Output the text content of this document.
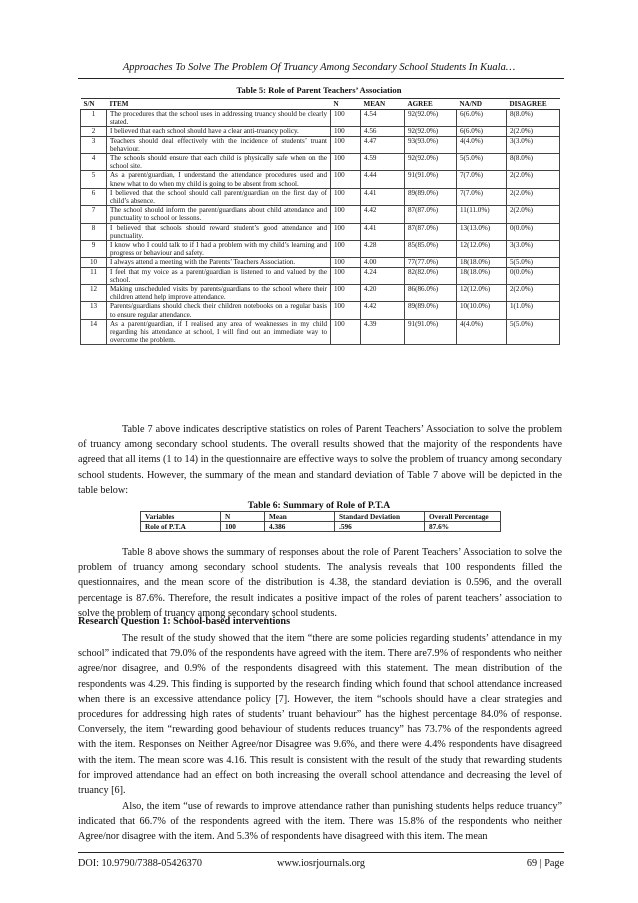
Approaches To Solve The Problem Of Truancy Among Secondary School Students In Kuala…
Table 5: Role of Parent Teachers’ Association
S/N	ITEM	N	MEAN	AGREE	NA/ND	DISAGREE
1	The procedures that the school uses in addressing truancy should be clearly stated.	100	4.54	92(92.0%)	6(6.0%)	8(8.0%)
2	I believed that each school should have a clear anti-truancy policy.	100	4.56	92(92.0%)	6(6.0%)	2(2.0%)
3	Teachers should deal effectively with the incidence of students’ truant behaviour.	100	4.47	93(93.0%)	4(4.0%)	3(3.0%)
4	The schools should ensure that each child is physically safe when on the school site.	100	4.59	92(92.0%)	5(5.0%)	8(8.0%)
5	As a parent/guardian, I understand the attendance procedures used and knew what to do when my child is going to be absent from school.	100	4.44	91(91.0%)	7(7.0%)	2(2.0%)
6	I believed that the school should call parent/guardian on the first day of child’s absence.	100	4.41	89(89.0%)	7(7.0%)	2(2.0%)
7	The school should inform the parent/guardians about child attendance and punctuality to school or lessons.	100	4.42	87(87.0%)	11(11.0%)	2(2.0%)
8	I believed that schools should reward student’s good attendance and punctuality.	100	4.41	87(87.0%)	13(13.0%)	0(0.0%)
9	I know who I could talk to if I had a problem with my child’s learning and progress or behaviour and safety.	100	4.28	85(85.0%)	12(12.0%)	3(3.0%)
10	I always attend a meeting with the Parents’ Teachers Association.	100	4.00	77(77.0%)	18(18.0%)	5(5.0%)
11	I feel that my voice as a parent/guardian is listened to and valued by the school.	100	4.24	82(82.0%)	18(18.0%)	0(0.0%)
12	Making unscheduled visits by parents/guardians to the school where their children attend help improve attendance.	100	4.20	86(86.0%)	12(12.0%)	2(2.0%)
13	Parents/guardians should check their children notebooks on a regular basis to ensure regular attendance.	100	4.42	89(89.0%)	10(10.0%)	1(1.0%)
14	As a parent/guardian, if I realised any area of weaknesses in my child regarding his attendance at school, I will find out an immediate way to overcome the problem.	100	4.39	91(91.0%)	4(4.0%)	5(5.0%)

Table 7 above indicates descriptive statistics on roles of Parent Teachers’ Association to solve the problem of truancy among secondary school students. The overall results showed that the majority of the respondents have agreed that all items (1 to 14) in the questionnaire are effective ways to solve the problem of truancy among secondary school students. However, the summary of the mean and standard deviation of Table 7 above will be depicted in the table below:

Table 6: Summary of Role of P.T.A
Variables	N	Mean	Standard Deviation	Overall Percentage
Role of P.T.A	100	4.386	.596	87.6%

Table 8 above shows the summary of responses about the role of Parent Teachers’ Association to solve the problem of truancy among secondary school students. The analysis reveals that 100 respondents filled the questionnaires, and the mean score of the distribution is 4.38, the standard deviation is 0.596, and the overall percentage is 87.6%. Therefore, the result indicates a positive impact of the roles of parent teachers’ association to solve the problem of truancy among secondary school students.

Research Question 1: School-based interventions

The result of the study showed that the item “there are some policies regarding students’ attendance in my school” indicated that 79.0% of the respondents have agreed with the item. There are7.9% of respondents who neither agree/nor disagree, and 0.9% of the respondents disagreed with this statement. The mean distribution of the respondents was 4.29. This finding is supported by the research finding which found that school attendance increased when there is an excessive attendance policy [7]. However, the item “schools should have a clear strategies and procedures for addressing high rates of students’ truant behaviour” has the highest percentage 84.0% of response. Conversely, the item “rewarding good behaviour of students reduces truancy” has 73.7% of the respondents agreed with the item. Responses on Neither Agree/nor Disagree was 9.6%, and there were 4.4% respondents have disagreed with the item. The mean score was 4.16. This result is consistent with the result of the study that rewarding students for improved attendance had an effect on both increasing the overall school attendance and decreasing the level of truancy [6].

Also, the item “use of rewards to improve attendance rather than punishing students helps reduce truancy” indicated that 66.7% of the respondents agreed with the item. There was 15.8% of the respondents who neither Agree/nor disagree with the item. And 5.3% of respondents have disagreed with this item. The mean

DOI: 10.9790/7388-05426370	www.iosrjournals.org	69 | Page
